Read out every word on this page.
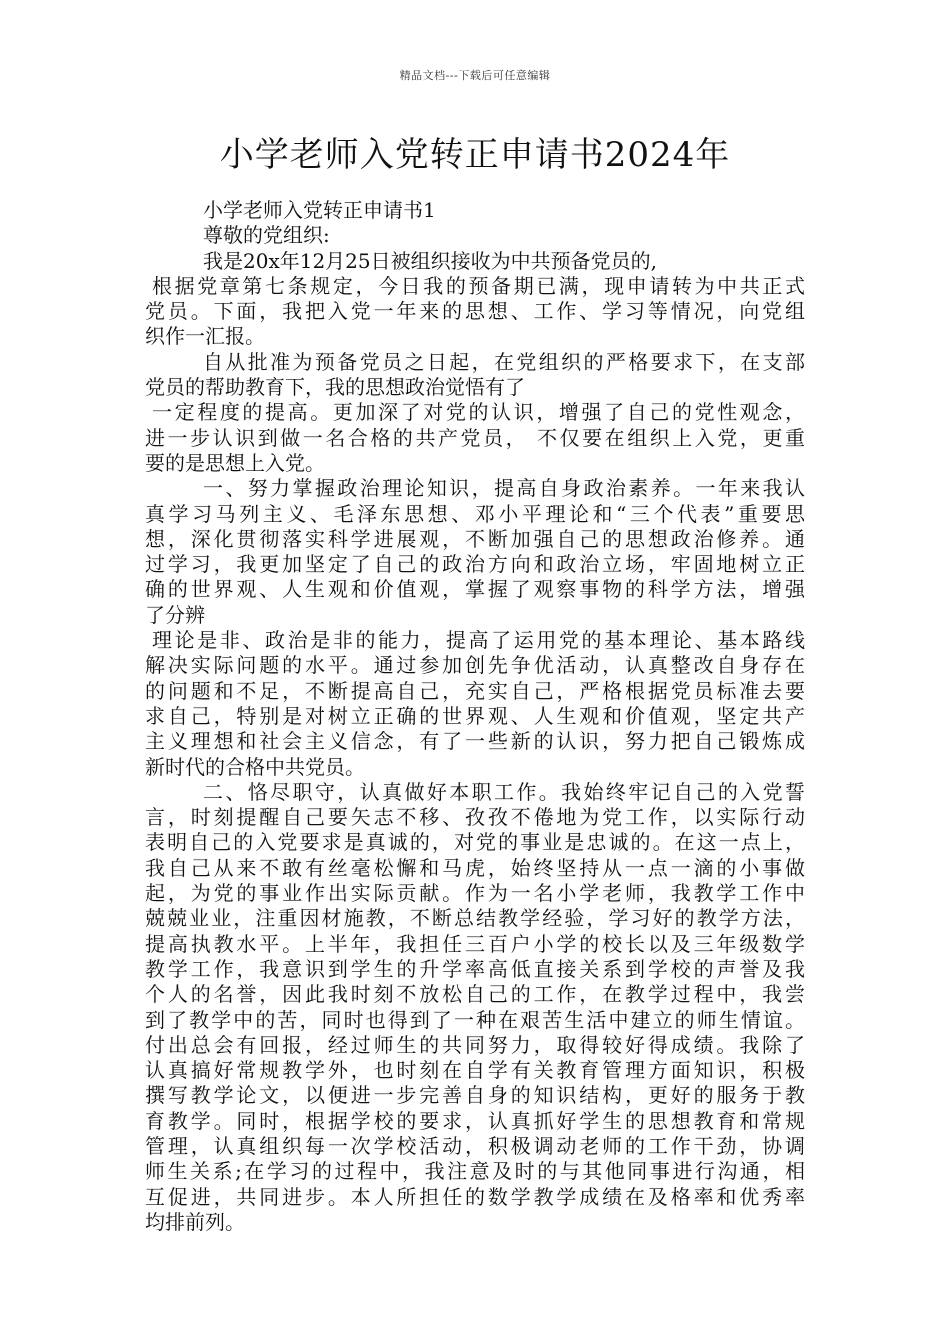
精品文档---下载后可任意编辑
小学老师入党转正申请书2024年
小学老师入党转正申请书1
尊敬的党组织:
我是20x年12月25日被组织接收为中共预备党员的,
根据党章第七条规定，今日我的预备期已满，现申请转为中共正式
党员。下面，我把入党一年来的思想、工作、学习等情况，向党组
织作一汇报。
自从批准为预备党员之日起，在党组织的严格要求下，在支部
党员的帮助教育下，我的思想政治觉悟有了
一定程度的提高。更加深了对党的认识，增强了自己的党性观念，
进一步认识到做一名合格的共产党员， 不仅要在组织上入党，更重
要的是思想上入党。
一、努力掌握政治理论知识，提高自身政治素养。一年来我认
真学习马列主义、毛泽东思想、邓小平理论和“三个代表”重要思
想，深化贯彻落实科学进展观，不断加强自己的思想政治修养。通
过学习，我更加坚定了自己的政治方向和政治立场，牢固地树立正
确的世界观、人生观和价值观，掌握了观察事物的科学方法，增强
了分辨
理论是非、政治是非的能力，提高了运用党的基本理论、基本路线
解决实际问题的水平。通过参加创先争优活动，认真整改自身存在
的问题和不足，不断提高自己，充实自己，严格根据党员标准去要
求自己，特别是对树立正确的世界观、人生观和价值观，坚定共产
主义理想和社会主义信念，有了一些新的认识，努力把自己锻炼成
新时代的合格中共党员。
二、恪尽职守，认真做好本职工作。我始终牢记自己的入党誓
言，时刻提醒自己要矢志不移、孜孜不倦地为党工作，以实际行动
表明自己的入党要求是真诚的，对党的事业是忠诚的。在这一点上，
我自己从来不敢有丝毫松懈和马虎，始终坚持从一点一滴的小事做
起，为党的事业作出实际贡献。作为一名小学老师，我教学工作中
兢兢业业，注重因材施教，不断总结教学经验，学习好的教学方法，
提高执教水平。上半年，我担任三百户小学的校长以及三年级数学
教学工作，我意识到学生的升学率高低直接关系到学校的声誉及我
个人的名誉，因此我时刻不放松自己的工作，在教学过程中，我尝
到了教学中的苦，同时也得到了一种在艰苦生活中建立的师生情谊。
付出总会有回报，经过师生的共同努力，取得较好得成绩。我除了
认真搞好常规教学外，也时刻在自学有关教育管理方面知识，积极
撰写教学论文，以便进一步完善自身的知识结构，更好的服务于教
育教学。同时，根据学校的要求，认真抓好学生的思想教育和常规
管理，认真组织每一次学校活动，积极调动老师的工作干劲，协调
师生关系;在学习的过程中，我注意及时的与其他同事进行沟通，相
互促进，共同进步。本人所担任的数学教学成绩在及格率和优秀率
均排前列。
